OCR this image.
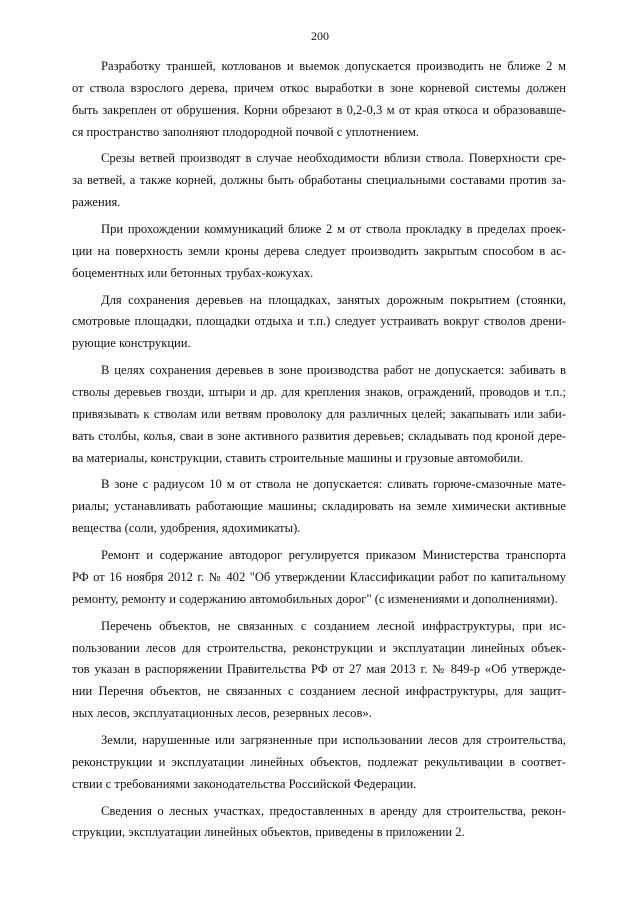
200
Разработку траншей, котлованов и выемок допускается производить не ближе 2 м
от ствола взрослого дерева, причем откос выработки в зоне корневой системы должен
быть закреплен от обрушения. Корни обрезают в 0,2-0,3 м от края откоса и образовавше-
ся пространство заполняют плодородной почвой с уплотнением.
Срезы ветвей производят в случае необходимости вблизи ствола. Поверхности сре-
за ветвей, а также корней, должны быть обработаны специальными составами против за-
ражения.
При прохождении коммуникаций ближе 2 м от ствола прокладку в пределах проек-
ции на поверхность земли кроны дерева следует производить закрытым способом в ас-
боцементных или бетонных трубах-кожухах.
Для сохранения деревьев на площадках, занятых дорожным покрытием (стоянки,
смотровые площадки, площадки отдыха и т.п.) следует устраивать вокруг стволов дрени-
рующие конструкции.
В целях сохранения деревьев в зоне производства работ не допускается: забивать в
стволы деревьев гвозди, штыри и др. для крепления знаков, ограждений, проводов и т.п.;
привязывать к стволам или ветвям проволоку для различных целей; закапывать или заби-
вать столбы, колья, сваи в зоне активного развития деревьев; складывать под кроной дере-
ва материалы, конструкции, ставить строительные машины и грузовые автомобили.
В зоне с радиусом 10 м от ствола не допускается: сливать горюче-смазочные мате-
риалы; устанавливать работающие машины; складировать на земле химически активные
вещества (соли, удобрения, ядохимикаты).
Ремонт и содержание автодорог регулируется приказом Министерства транспорта
РФ от 16 ноября 2012 г. № 402 "Об утверждении Классификации работ по капитальному
ремонту, ремонту и содержанию автомобильных дорог" (с изменениями и дополнениями).
Перечень объектов, не связанных с созданием лесной инфраструктуры, при ис-
пользовании лесов для строительства, реконструкции и эксплуатации линейных объек-
тов указан в распоряжении Правительства РФ от 27 мая 2013 г. № 849-р «Об утвержде-
нии Перечня объектов, не связанных с созданием лесной инфраструктуры, для защит-
ных лесов, эксплуатационных лесов, резервных лесов».
Земли, нарушенные или загрязненные при использовании лесов для строительства,
реконструкции и эксплуатации линейных объектов, подлежат рекультивации в соответ-
ствии с требованиями законодательства Российской Федерации.
Сведения о лесных участках, предоставленных в аренду для строительства, рекон-
струкции, эксплуатации линейных объектов, приведены в приложении 2.
